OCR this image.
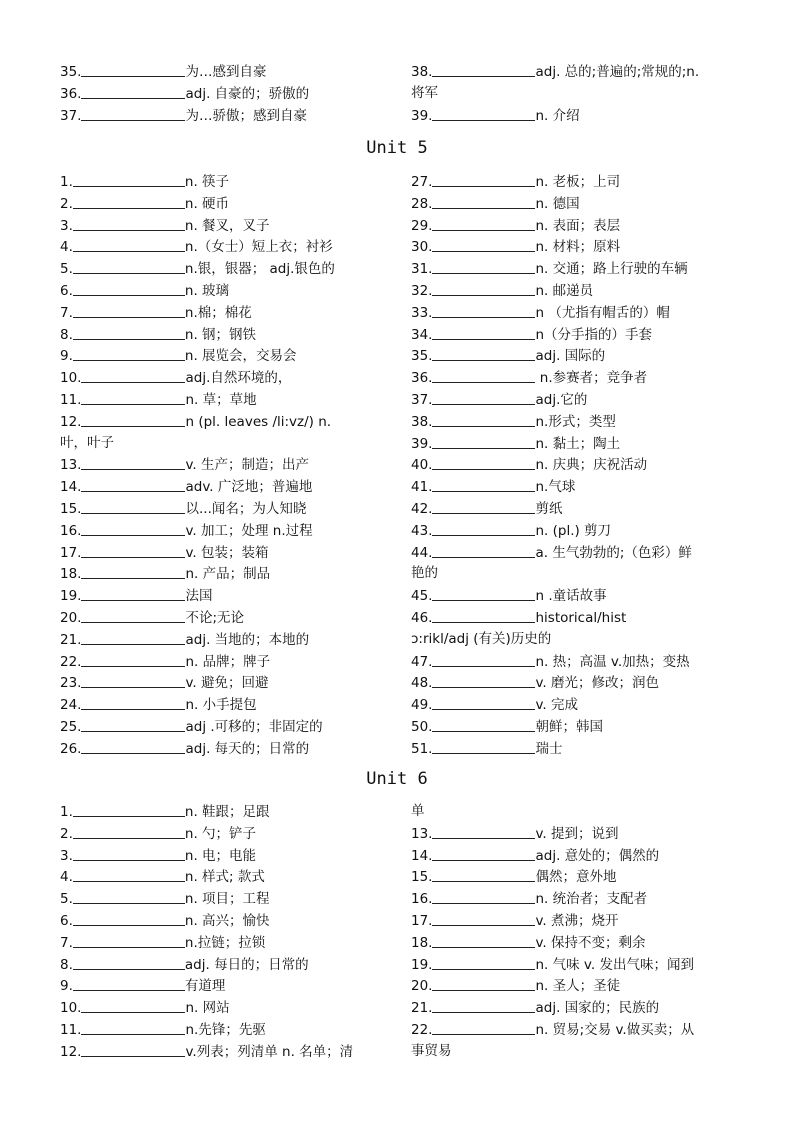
35.	为…感到自豪
36.	adj. 自豪的；骄傲的
37.	为…骄傲；感到自豪
38.	adj. 总的;普遍的;常规的;n.
将军
39.	n. 介绍
Unit 5
1.	n. 筷子
2.	n. 硬币
3.	n. 餐叉，叉子
4.	n.（女士）短上衣；衬衫
5.	n.银，银器； adj.银色的
6.	n. 玻璃
7.	n.棉；棉花
8.	n. 钢；钢铁
9.	n. 展览会，交易会
10.	adj.自然环境的，
11.	n. 草；草地
12.	n (pl. leaves /li:vz/) n.
叶，叶子
13.	v. 生产；制造；出产
14.	adv. 广泛地；普遍地
15.	以...闻名；为人知晓
16.	v. 加工；处理 n.过程
17.	v. 包装；装箱
18.	n. 产品；制品
19.	法国
20.	不论;无论
21.	adj. 当地的；本地的
22.	n. 品牌；牌子
23.	v. 避免；回避
24.	n. 小手提包
25.	adj .可移的；非固定的
26.	adj. 每天的；日常的
27.	n. 老板；上司
28.	n. 德国
29.	n. 表面；表层
30.	n. 材料；原料
31.	n. 交通；路上行驶的车辆
32.	n. 邮递员
33.	n （尤指有帽舌的）帽
34.	n（分手指的）手套
35.	adj. 国际的
36.	n.参赛者；竞争者
37.	adj.它的
38.	n.形式；类型
39.	n. 黏土；陶土
40.	n. 庆典；庆祝活动
41.	n.气球
42.	剪纸
43.	n. (pl.) 剪刀
44.	a. 生气勃勃的;（色彩）鲜
艳的
45.	n .童话故事
46.	historical/hist
ɔ:rikl/adj (有关)历史的
47.	n. 热；高温 v.加热；变热
48.	v. 磨光；修改；润色
49.	v. 完成
50.	朝鲜；韩国
51.	瑞士
Unit 6
1.	n. 鞋跟；足跟
2.	n. 勺；铲子
3.	n. 电；电能
4.	n. 样式; 款式
5.	n. 项目；工程
6.	n. 高兴；愉快
7.	n.拉链；拉锁
8.	adj. 每日的；日常的
9.	有道理
10.	n. 网站
11.	n.先锋；先驱
12.	v.列表；列清单 n. 名单；清
单
13.	v. 提到；说到
14.	adj. 意处的；偶然的
15.	偶然；意外地
16.	n. 统治者；支配者
17.	v. 煮沸；烧开
18.	v. 保持不变；剩余
19.	n. 气味 v. 发出气味；闻到
20.	n. 圣人；圣徒
21.	adj. 国家的；民族的
22.	n. 贸易;交易 v.做买卖；从
事贸易
